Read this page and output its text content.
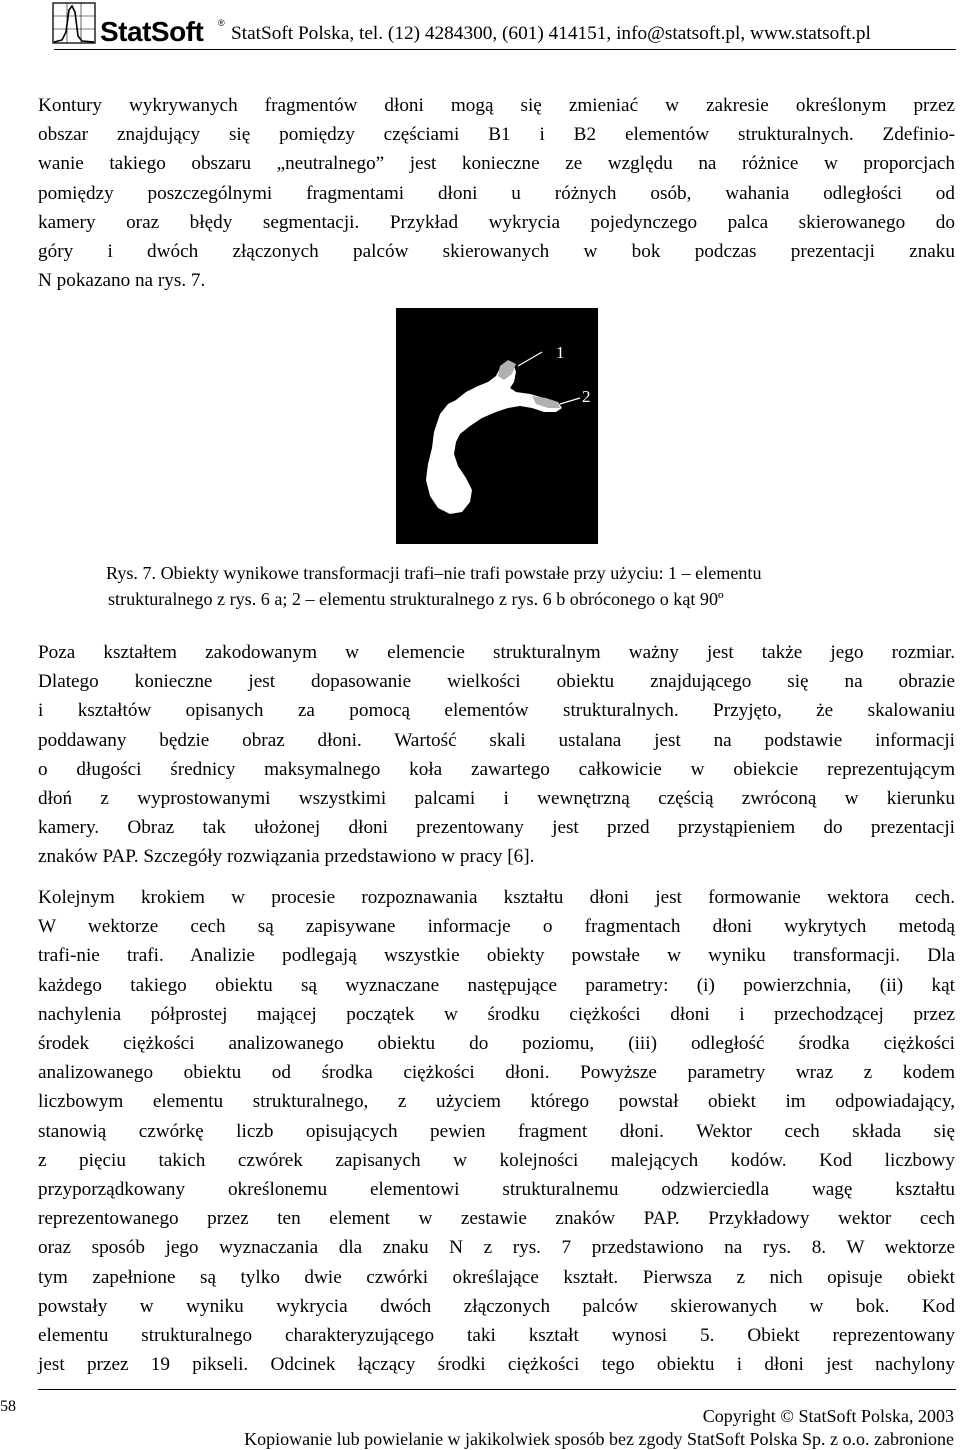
StatSoft ® StatSoft Polska, tel. (12) 4284300, (601) 414151, info@statsoft.pl, www.statsoft.pl
Kontury wykrywanych fragmentów dłoni mogą się zmieniać w zakresie określonym przez
obszar znajdujący się pomiędzy częściami B1 i B2 elementów strukturalnych. Zdefinio-
wanie takiego obszaru „neutralnego” jest konieczne ze względu na różnice w proporcjach
pomiędzy poszczególnymi fragmentami dłoni u różnych osób, wahania odległości od
kamery oraz błędy segmentacji. Przykład wykrycia pojedynczego palca skierowanego do
góry i dwóch złączonych palców skierowanych w bok podczas prezentacji znaku
N pokazano na rys. 7.
1
2
Rys. 7. Obiekty wynikowe transformacji trafi–nie trafi powstałe przy użyciu: 1 – elementu
strukturalnego z rys. 6 a; 2 – elementu strukturalnego z rys. 6 b obróconego o kąt 90º
Poza kształtem zakodowanym w elemencie strukturalnym ważny jest także jego rozmiar.
Dlatego konieczne jest dopasowanie wielkości obiektu znajdującego się na obrazie
i kształtów opisanych za pomocą elementów strukturalnych. Przyjęto, że skalowaniu
poddawany będzie obraz dłoni. Wartość skali ustalana jest na podstawie informacji
o długości średnicy maksymalnego koła zawartego całkowicie w obiekcie reprezentującym
dłoń z wyprostowanymi wszystkimi palcami i wewnętrzną częścią zwróconą w kierunku
kamery. Obraz tak ułożonej dłoni prezentowany jest przed przystąpieniem do prezentacji
znaków PAP. Szczegóły rozwiązania przedstawiono w pracy [6].
Kolejnym krokiem w procesie rozpoznawania kształtu dłoni jest formowanie wektora cech.
W wektorze cech są zapisywane informacje o fragmentach dłoni wykrytych metodą
trafi-nie trafi. Analizie podlegają wszystkie obiekty powstałe w wyniku transformacji. Dla
każdego takiego obiektu są wyznaczane następujące parametry: (i) powierzchnia, (ii) kąt
nachylenia półprostej mającej początek w środku ciężkości dłoni i przechodzącej przez
środek ciężkości analizowanego obiektu do poziomu, (iii) odległość środka ciężkości
analizowanego obiektu od środka ciężkości dłoni. Powyższe parametry wraz z kodem
liczbowym elementu strukturalnego, z użyciem którego powstał obiekt im odpowiadający,
stanowią czwórkę liczb opisujących pewien fragment dłoni. Wektor cech składa się
z pięciu takich czwórek zapisanych w kolejności malejących kodów. Kod liczbowy
przyporządkowany określonemu elementowi strukturalnemu odzwierciedla wagę kształtu
reprezentowanego przez ten element w zestawie znaków PAP. Przykładowy wektor cech
oraz sposób jego wyznaczania dla znaku N z rys. 7 przedstawiono na rys. 8. W wektorze
tym zapełnione są tylko dwie czwórki określające kształt. Pierwsza z nich opisuje obiekt
powstały w wyniku wykrycia dwóch złączonych palców skierowanych w bok. Kod
elementu strukturalnego charakteryzującego taki kształt wynosi 5. Obiekt reprezentowany
jest przez 19 pikseli. Odcinek łączący środki ciężkości tego obiektu i dłoni jest nachylony
58	Copyright © StatSoft Polska, 2003
Kopiowanie lub powielanie w jakikolwiek sposób bez zgody StatSoft Polska Sp. z o.o. zabronione
